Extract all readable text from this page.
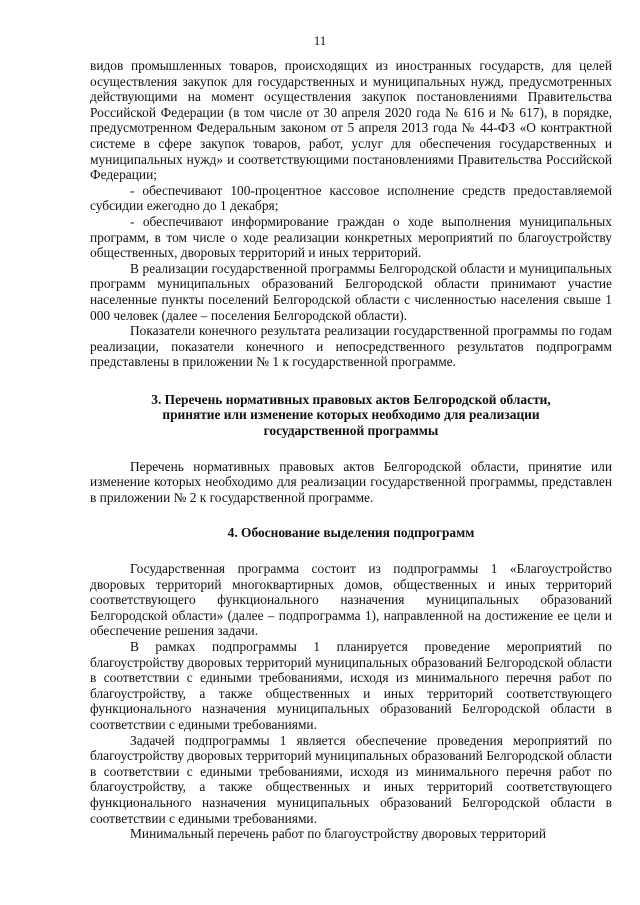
11

видов промышленных товаров, происходящих из иностранных государств, для целей осуществления закупок для государственных и муниципальных нужд, предусмотренных действующими на момент осуществления закупок постановлениями Правительства Российской Федерации (в том числе от 30 апреля 2020 года № 616 и № 617), в порядке, предусмотренном Федеральным законом от 5 апреля 2013 года № 44-ФЗ «О контрактной системе в сфере закупок товаров, работ, услуг для обеспечения государственных и муниципальных нужд» и соответствующими постановлениями Правительства Российской Федерации;

- обеспечивают 100-процентное кассовое исполнение средств предоставляемой субсидии ежегодно до 1 декабря;

- обеспечивают информирование граждан о ходе выполнения муниципальных программ, в том числе о ходе реализации конкретных мероприятий по благоустройству общественных, дворовых территорий и иных территорий.

В реализации государственной программы Белгородской области и муниципальных программ муниципальных образований Белгородской области принимают участие населенные пункты поселений Белгородской области с численностью населения свыше 1 000 человек (далее – поселения Белгородской области).

Показатели конечного результата реализации государственной программы по годам реализации, показатели конечного и непосредственного результатов подпрограмм представлены в приложении № 1 к государственной программе.

3. Перечень нормативных правовых актов Белгородской области,
принятие или изменение которых необходимо для реализации
государственной программы

Перечень нормативных правовых актов Белгородской области, принятие или изменение которых необходимо для реализации государственной программы, представлен в приложении № 2 к государственной программе.

4. Обоснование выделения подпрограмм

Государственная программа состоит из подпрограммы 1 «Благоустройство дворовых территорий многоквартирных домов, общественных и иных территорий соответствующего функционального назначения муниципальных образований Белгородской области» (далее – подпрограмма 1), направленной на достижение ее цели и обеспечение решения задачи.

В рамках подпрограммы 1 планируется проведение мероприятий по благоустройству дворовых территорий муниципальных образований Белгородской области в соответствии с едиными требованиями, исходя из минимального перечня работ по благоустройству, а также общественных и иных территорий соответствующего функционального назначения муниципальных образований Белгородской области в соответствии с едиными требованиями.

Задачей подпрограммы 1 является обеспечение проведения мероприятий по благоустройству дворовых территорий муниципальных образований Белгородской области в соответствии с едиными требованиями, исходя из минимального перечня работ по благоустройству, а также общественных и иных территорий соответствующего функционального назначения муниципальных образований Белгородской области в соответствии с едиными требованиями.

Минимальный перечень работ по благоустройству дворовых территорий
